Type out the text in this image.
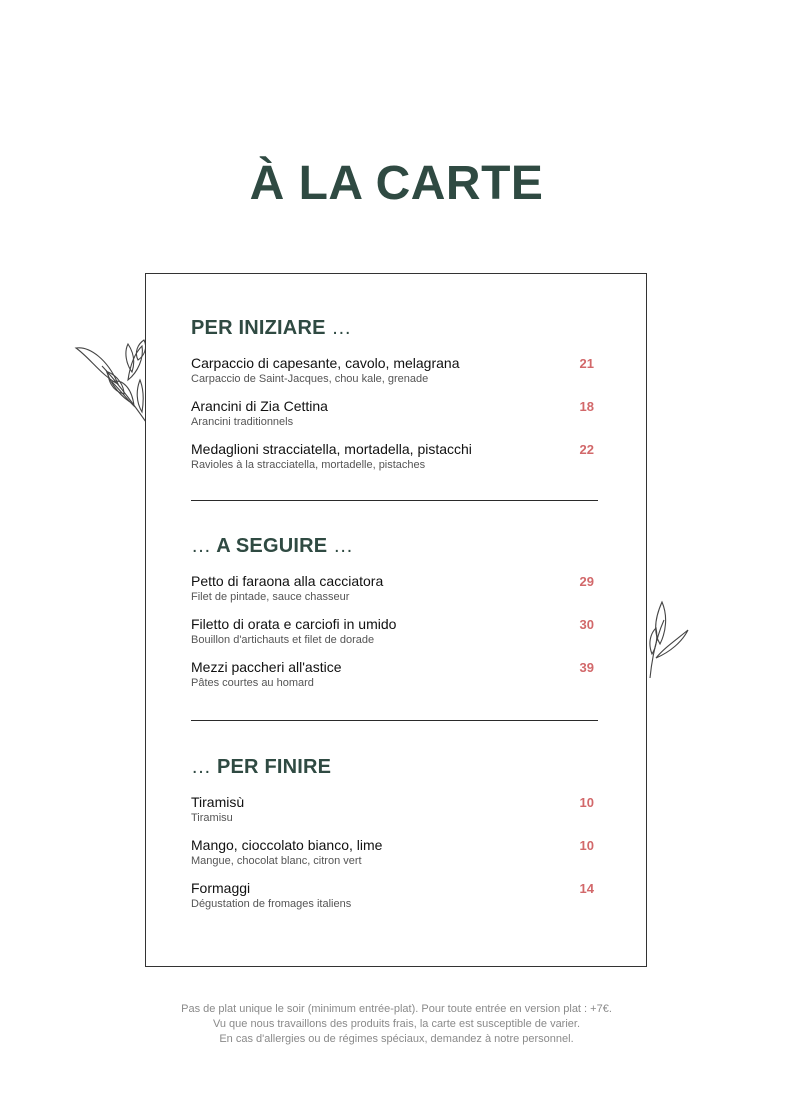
À LA CARTE
PER INIZIARE …
Carpaccio di capesante, cavolo, melagrana
Carpaccio de Saint-Jacques, chou kale, grenade
21
Arancini di Zia Cettina
Arancini traditionnels
18
Medaglioni stracciatella, mortadella, pistacchi
Ravioles à la stracciatella, mortadelle, pistaches
22
… A SEGUIRE …
Petto di faraona alla cacciatora
Filet de pintade, sauce chasseur
29
Filetto di orata e carciofi in umido
Bouillon d'artichauts et filet de dorade
30
Mezzi paccheri all'astice
Pâtes courtes au homard
39
… PER FINIRE
Tiramisù
Tiramisu
10
Mango, cioccolato bianco, lime
Mangue, chocolat blanc, citron vert
10
Formaggi
Dégustation de fromages italiens
14
Pas de plat unique le soir (minimum entrée-plat). Pour toute entrée en version plat : +7€.
Vu que nous travaillons des produits frais, la carte est susceptible de varier.
En cas d'allergies ou de régimes spéciaux, demandez à notre personnel.
